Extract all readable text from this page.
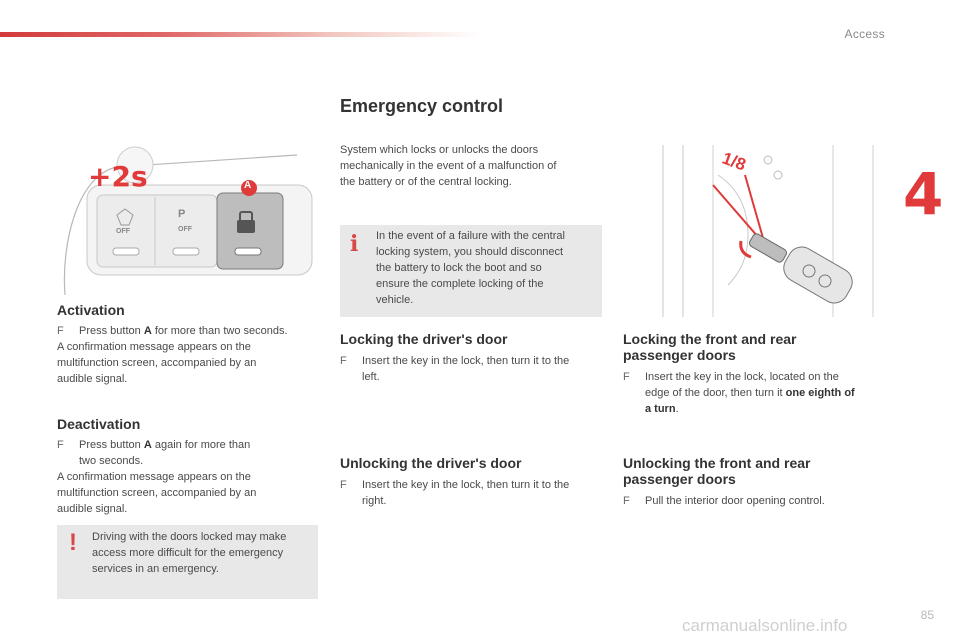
Access
4
+2s	A
OFF
P
OFF
Activation
F Press button A for more than two seconds.

A confirmation message appears on the

multifunction screen, accompanied by an

audible signal.

Deactivation
F Press button A again for more than
two seconds.

A confirmation message appears on the

multifunction screen, accompanied by an

audible signal.

! Driving with the doors locked may make
access more difficult for the emergency
services in an emergency.
Emergency control

System which locks or unlocks the doors

mechanically in the event of a malfunction of

the battery or of the central locking.

i In the event of a failure with the central
locking system, you should disconnect
the battery to lock the boot and so
ensure the complete locking of the
vehicle.
Locking the driver's door
F Insert the key in the lock, then turn it to the
left.
Unlocking the driver's door
F Insert the key in the lock, then turn it to the
right.
1/8
Locking the front and rear
passenger doors
F Insert the key in the lock, located on the
edge of the door, then turn it one eighth of
a turn.
Unlocking the front and rear
passenger doors
F Pull the interior door opening control.
85
carmanualsonline.info
